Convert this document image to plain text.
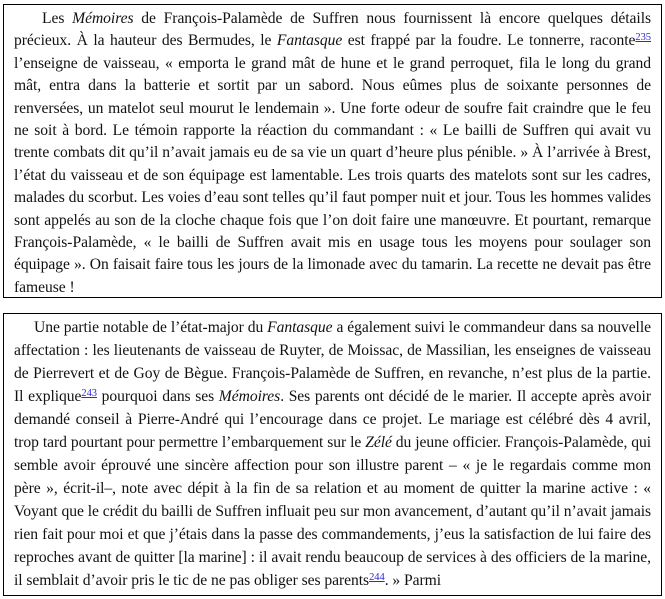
Les Mémoires de François-Palamède de Suffren nous fournissent là encore quelques détails précieux. À la hauteur des Bermudes, le Fantasque est frappé par la foudre. Le tonnerre, raconte$^{235}$ l’enseigne de vaisseau, « emporta le grand mât de hune et le grand perroquet, fila le long du grand mât, entra dans la batterie et sortit par un sabord. Nous eûmes plus de soixante personnes de renversées, un matelot seul mourut le lendemain ». Une forte odeur de soufre fait craindre que le feu ne soit à bord. Le témoin rapporte la réaction du commandant : « Le bailli de Suffren qui avait vu trente combats dit qu’il n’avait jamais eu de sa vie un quart d’heure plus pénible. » À l’arrivée à Brest, l’état du vaisseau et de son équipage est lamentable. Les trois quarts des matelots sont sur les cadres, malades du scorbut. Les voies d’eau sont telles qu’il faut pomper nuit et jour. Tous les hommes valides sont appelés au son de la cloche chaque fois que l’on doit faire une manœuvre. Et pourtant, remarque François-Palamède, « le bailli de Suffren avait mis en usage tous les moyens pour soulager son équipage ». On faisait faire tous les jours de la limonade avec du tamarin. La recette ne devait pas être fameuse !

Une partie notable de l’état-major du Fantasque a également suivi le commandeur dans sa nouvelle affectation : les lieutenants de vaisseau de Ruyter, de Moissac, de Massilian, les enseignes de vaisseau de Pierrevert et de Goy de Bègue. François-Palamède de Suffren, en revanche, n’est plus de la partie. Il explique$^{243}$ pourquoi dans ses Mémoires. Ses parents ont décidé de le marier. Il accepte après avoir demandé conseil à Pierre-André qui l’encourage dans ce projet. Le mariage est célébré dès 4 avril, trop tard pourtant pour permettre l’embarquement sur le Zélé du jeune officier. François-Palamède, qui semble avoir éprouvé une sincère affection pour son illustre parent – « je le regardais comme mon père », écrit-il–, note avec dépit à la fin de sa relation et au moment de quitter la marine active : « Voyant que le crédit du bailli de Suffren influait peu sur mon avancement, d’autant qu’il n’avait jamais rien fait pour moi et que j’étais dans la passe des commandements, j’eus la satisfaction de lui faire des reproches avant de quitter [la marine] : il avait rendu beaucoup de services à des officiers de la marine, il semblait d’avoir pris le tic de ne pas obliger ses parents$^{244}$. » Parmi
